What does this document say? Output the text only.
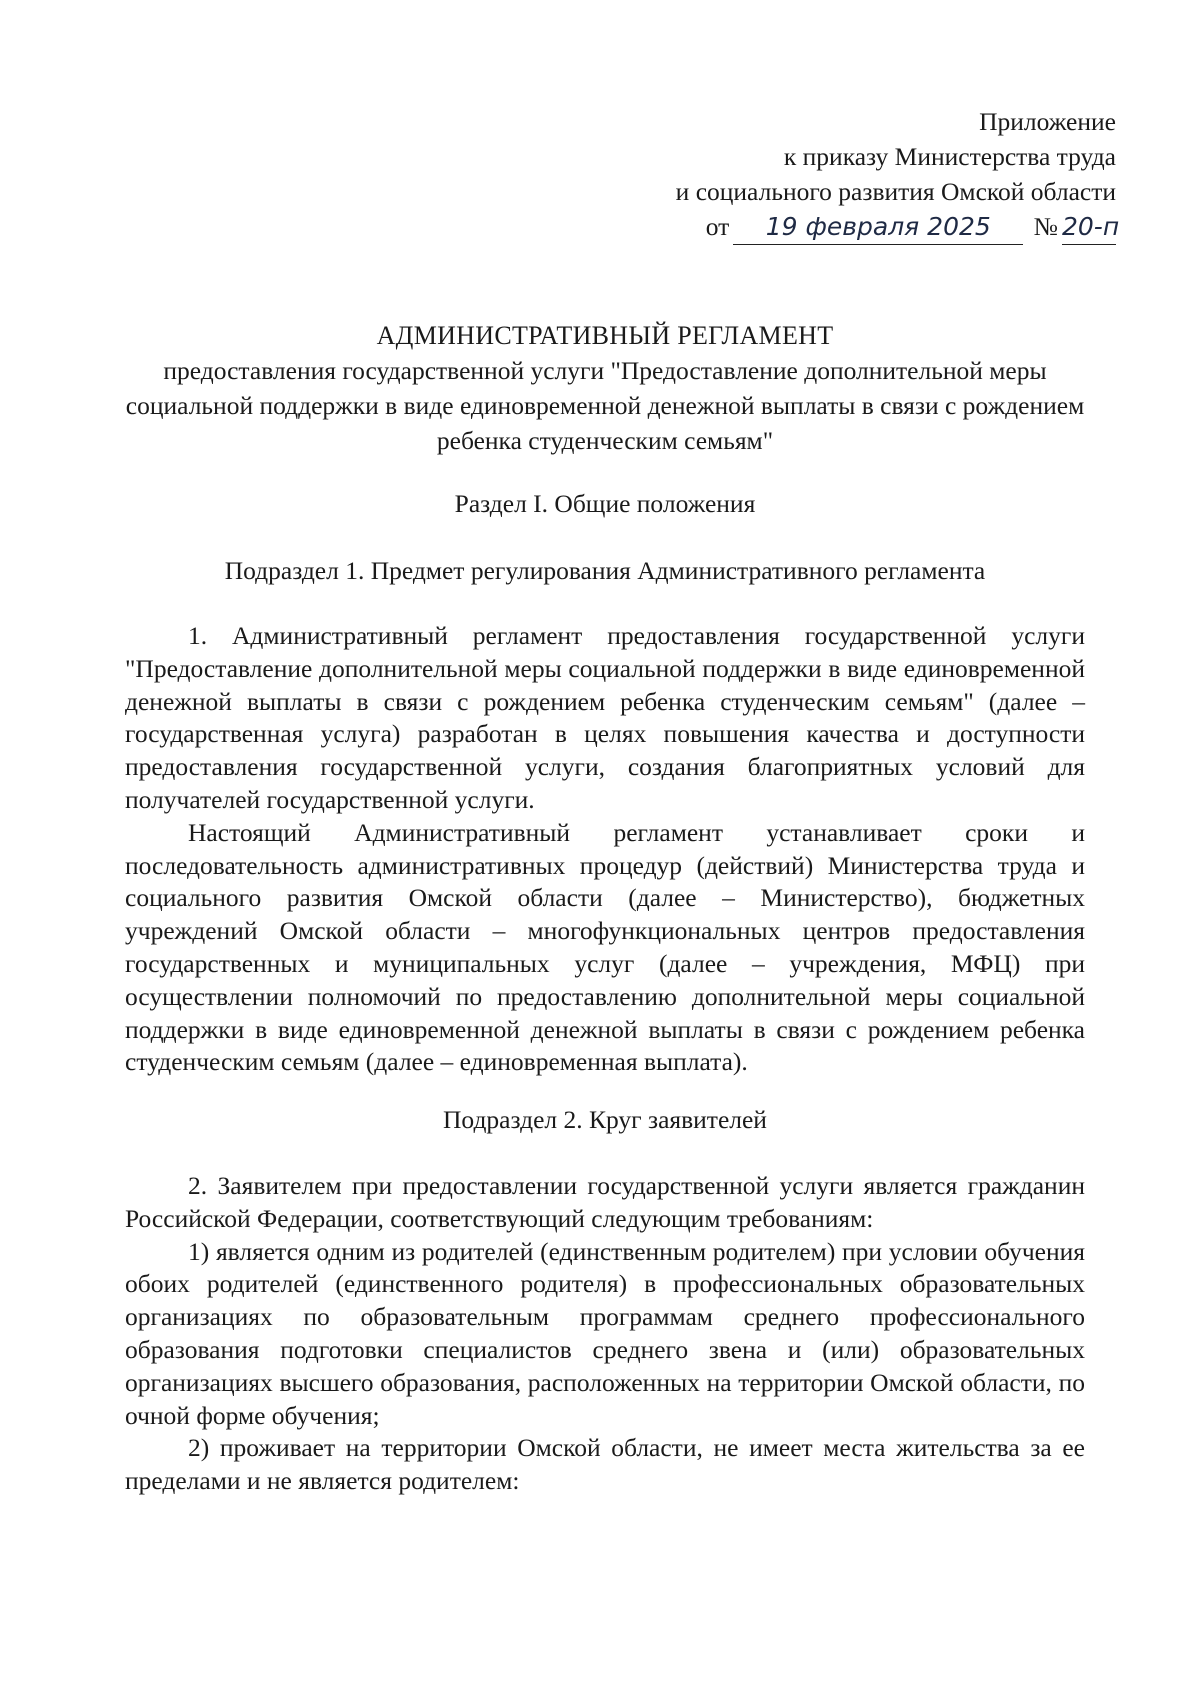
Приложение
к приказу Министерства труда
и социального развития Омской области
от 19 февраля 2025 № 20-п
АДМИНИСТРАТИВНЫЙ РЕГЛАМЕНТ
предоставления государственной услуги "Предоставление дополнительной меры социальной поддержки в виде единовременной денежной выплаты в связи с рождением ребенка студенческим семьям"
Раздел I. Общие положения
Подраздел 1. Предмет регулирования Административного регламента

1. Административный регламент предоставления государственной услуги "Предоставление дополнительной меры социальной поддержки в виде единовременной денежной выплаты в связи с рождением ребенка студенческим семьям" (далее – государственная услуга) разработан в целях повышения качества и доступности предоставления государственной услуги, создания благоприятных условий для получателей государственной услуги.

Настоящий Административный регламент устанавливает сроки и последовательность административных процедур (действий) Министерства труда и социального развития Омской области (далее – Министерство), бюджетных учреждений Омской области – многофункциональных центров предоставления государственных и муниципальных услуг (далее – учреждения, МФЦ) при осуществлении полномочий по предоставлению дополнительной меры социальной поддержки в виде единовременной денежной выплаты в связи с рождением ребенка студенческим семьям (далее – единовременная выплата).

Подраздел 2. Круг заявителей

2. Заявителем при предоставлении государственной услуги является гражданин Российской Федерации, соответствующий следующим требованиям:

1) является одним из родителей (единственным родителем) при условии обучения обоих родителей (единственного родителя) в профессиональных образовательных организациях по образовательным программам среднего профессионального образования подготовки специалистов среднего звена и (или) образовательных организациях высшего образования, расположенных на территории Омской области, по очной форме обучения;

2) проживает на территории Омской области, не имеет места жительства за ее пределами и не является родителем:
